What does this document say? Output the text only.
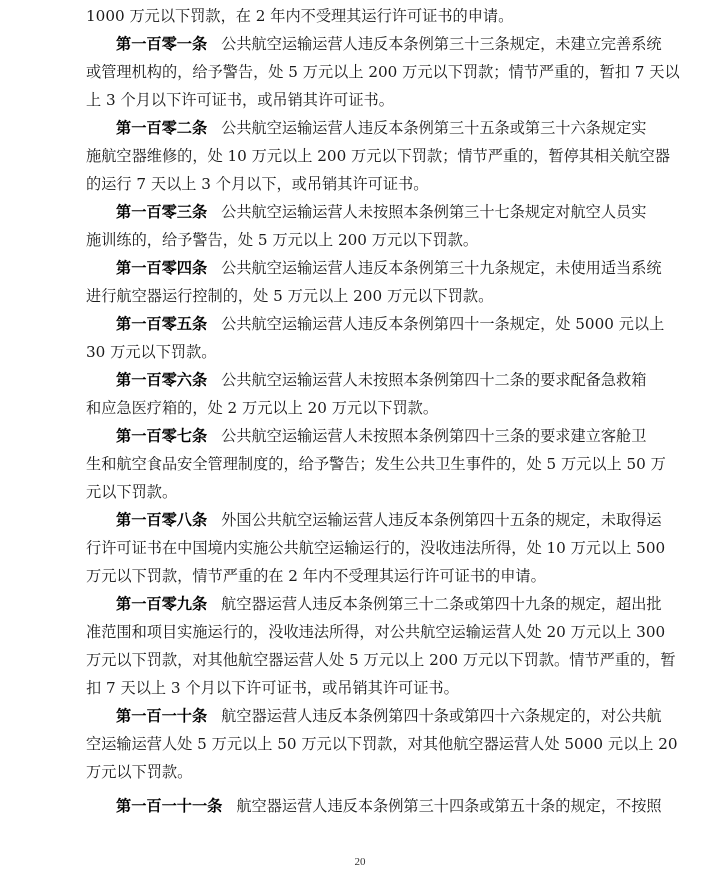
1000 万元以下罚款，在 2 年内不受理其运行许可证书的申请。
第一百零一条 公共航空运输运营人违反本条例第三十三条规定，未建立完善系统
或管理机构的，给予警告，处 5 万元以上 200 万元以下罚款；情节严重的，暂扣 7 天以
上 3 个月以下许可证书，或吊销其许可证书。
第一百零二条 公共航空运输运营人违反本条例第三十五条或第三十六条规定实
施航空器维修的，处 10 万元以上 200 万元以下罚款；情节严重的，暂停其相关航空器
的运行 7 天以上 3 个月以下，或吊销其许可证书。
第一百零三条 公共航空运输运营人未按照本条例第三十七条规定对航空人员实
施训练的，给予警告，处 5 万元以上 200 万元以下罚款。
第一百零四条 公共航空运输运营人违反本条例第三十九条规定，未使用适当系统
进行航空器运行控制的，处 5 万元以上 200 万元以下罚款。
第一百零五条 公共航空运输运营人违反本条例第四十一条规定，处 5000 元以上
30 万元以下罚款。
第一百零六条 公共航空运输运营人未按照本条例第四十二条的要求配备急救箱
和应急医疗箱的，处 2 万元以上 20 万元以下罚款。
第一百零七条 公共航空运输运营人未按照本条例第四十三条的要求建立客舱卫
生和航空食品安全管理制度的，给予警告；发生公共卫生事件的，处 5 万元以上 50 万
元以下罚款。
第一百零八条 外国公共航空运输运营人违反本条例第四十五条的规定，未取得运
行许可证书在中国境内实施公共航空运输运行的，没收违法所得，处 10 万元以上 500
万元以下罚款，情节严重的在 2 年内不受理其运行许可证书的申请。
第一百零九条 航空器运营人违反本条例第三十二条或第四十九条的规定，超出批
准范围和项目实施运行的，没收违法所得，对公共航空运输运营人处 20 万元以上 300
万元以下罚款，对其他航空器运营人处 5 万元以上 200 万元以下罚款。情节严重的，暂
扣 7 天以上 3 个月以下许可证书，或吊销其许可证书。
第一百一十条 航空器运营人违反本条例第四十条或第四十六条规定的，对公共航
空运输运营人处 5 万元以上 50 万元以下罚款，对其他航空器运营人处 5000 元以上 20
万元以下罚款。
第一百一十一条 航空器运营人违反本条例第三十四条或第五十条的规定，不按照
20
